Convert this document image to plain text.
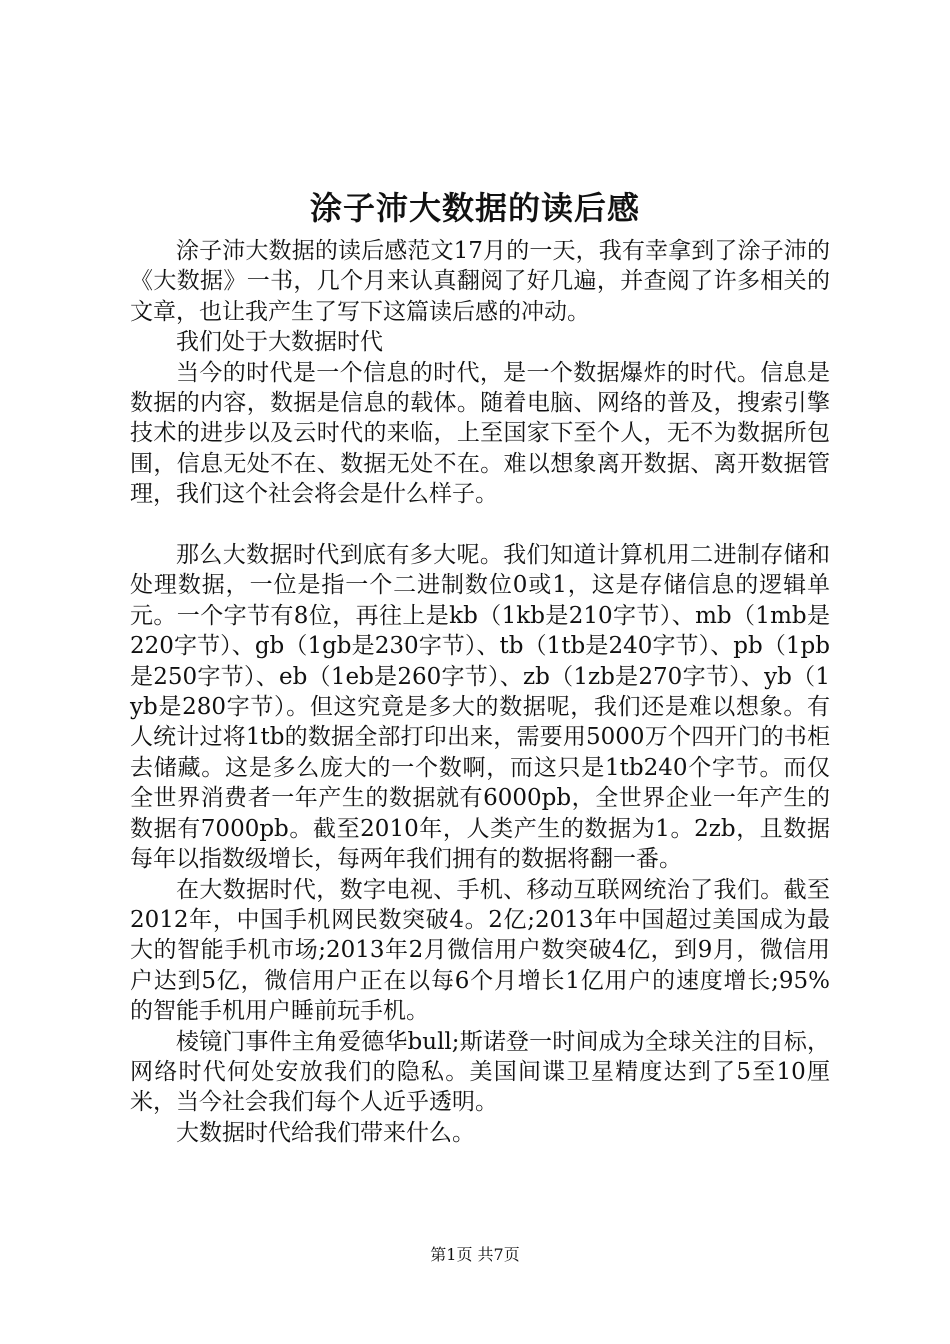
涂子沛大数据的读后感

涂子沛大数据的读后感范文17月的一天，我有幸拿到了涂子沛的《大数据》一书，几个月来认真翻阅了好几遍，并查阅了许多相关的文章，也让我产生了写下这篇读后感的冲动。

我们处于大数据时代

当今的时代是一个信息的时代，是一个数据爆炸的时代。信息是数据的内容，数据是信息的载体。随着电脑、网络的普及，搜索引擎技术的进步以及云时代的来临，上至国家下至个人，无不为数据所包围，信息无处不在、数据无处不在。难以想象离开数据、离开数据管理，我们这个社会将会是什么样子。

那么大数据时代到底有多大呢。我们知道计算机用二进制存储和处理数据，一位是指一个二进制数位0或1，这是存储信息的逻辑单元。一个字节有8位，再往上是kb（1kb是210字节）、mb（1mb是220字节）、gb（1gb是230字节）、tb（1tb是240字节）、pb（1pb是250字节）、eb（1eb是260字节）、zb（1zb是270字节）、yb（1yb是280字节）。但这究竟是多大的数据呢，我们还是难以想象。有人统计过将1tb的数据全部打印出来，需要用5000万个四开门的书柜去储藏。这是多么庞大的一个数啊，而这只是1tb240个字节。而仅全世界消费者一年产生的数据就有6000pb，全世界企业一年产生的数据有7000pb。截至2010年，人类产生的数据为1。2zb，且数据每年以指数级增长，每两年我们拥有的数据将翻一番。

在大数据时代，数字电视、手机、移动互联网统治了我们。截至2012年，中国手机网民数突破4。2亿;2013年中国超过美国成为最大的智能手机市场;2013年2月微信用户数突破4亿，到9月，微信用户达到5亿，微信用户正在以每6个月增长1亿用户的速度增长;95%的智能手机用户睡前玩手机。

棱镜门事件主角爱德华bull;斯诺登一时间成为全球关注的目标，网络时代何处安放我们的隐私。美国间谍卫星精度达到了5至10厘米，当今社会我们每个人近乎透明。

大数据时代给我们带来什么。

第1页 共7页
